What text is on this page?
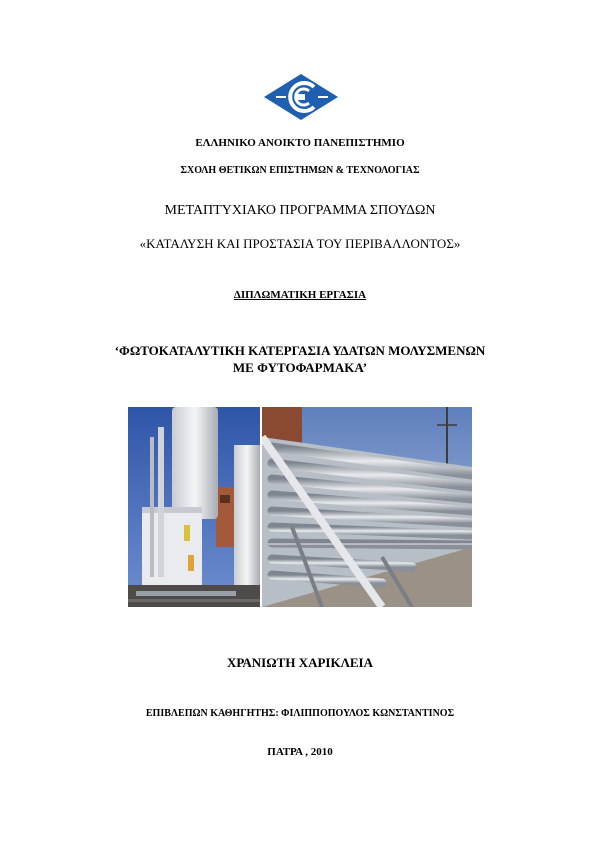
ΕΛΛΗΝΙΚΟ ΑΝΟΙΚΤΟ ΠΑΝΕΠΙΣΤΗΜΙΟ
ΣΧΟΛΗ ΘΕΤΙΚΩΝ ΕΠΙΣΤΗΜΩΝ & ΤΕΧΝΟΛΟΓΙΑΣ
ΜΕΤΑΠΤΥΧΙΑΚΟ ΠΡΟΓΡΑΜΜΑ ΣΠΟΥΔΩΝ
«ΚΑΤΑΛΥΣΗ ΚΑΙ ΠΡΟΣΤΑΣΙΑ ΤΟΥ ΠΕΡΙΒΑΛΛΟΝΤΟΣ»
ΔΙΠΛΩΜΑΤΙΚΗ ΕΡΓΑΣΙΑ
‘ΦΩΤΟΚΑΤΑΛΥΤΙΚΗ ΚΑΤΕΡΓΑΣΙΑ ΥΔΑΤΩΝ ΜΟΛΥΣΜΕΝΩΝ
ΜΕ ΦΥΤΟΦΑΡΜΑΚΑ’
ΧΡΑΝΙΩΤΗ ΧΑΡΙΚΛΕΙΑ
ΕΠΙΒΛΕΠΩΝ ΚΑΘΗΓΗΤΗΣ: ΦΙΛΙΠΠΟΠΟΥΛΟΣ ΚΩΝΣΤΑΝΤΙΝΟΣ
ΠΑΤΡΑ , 2010
